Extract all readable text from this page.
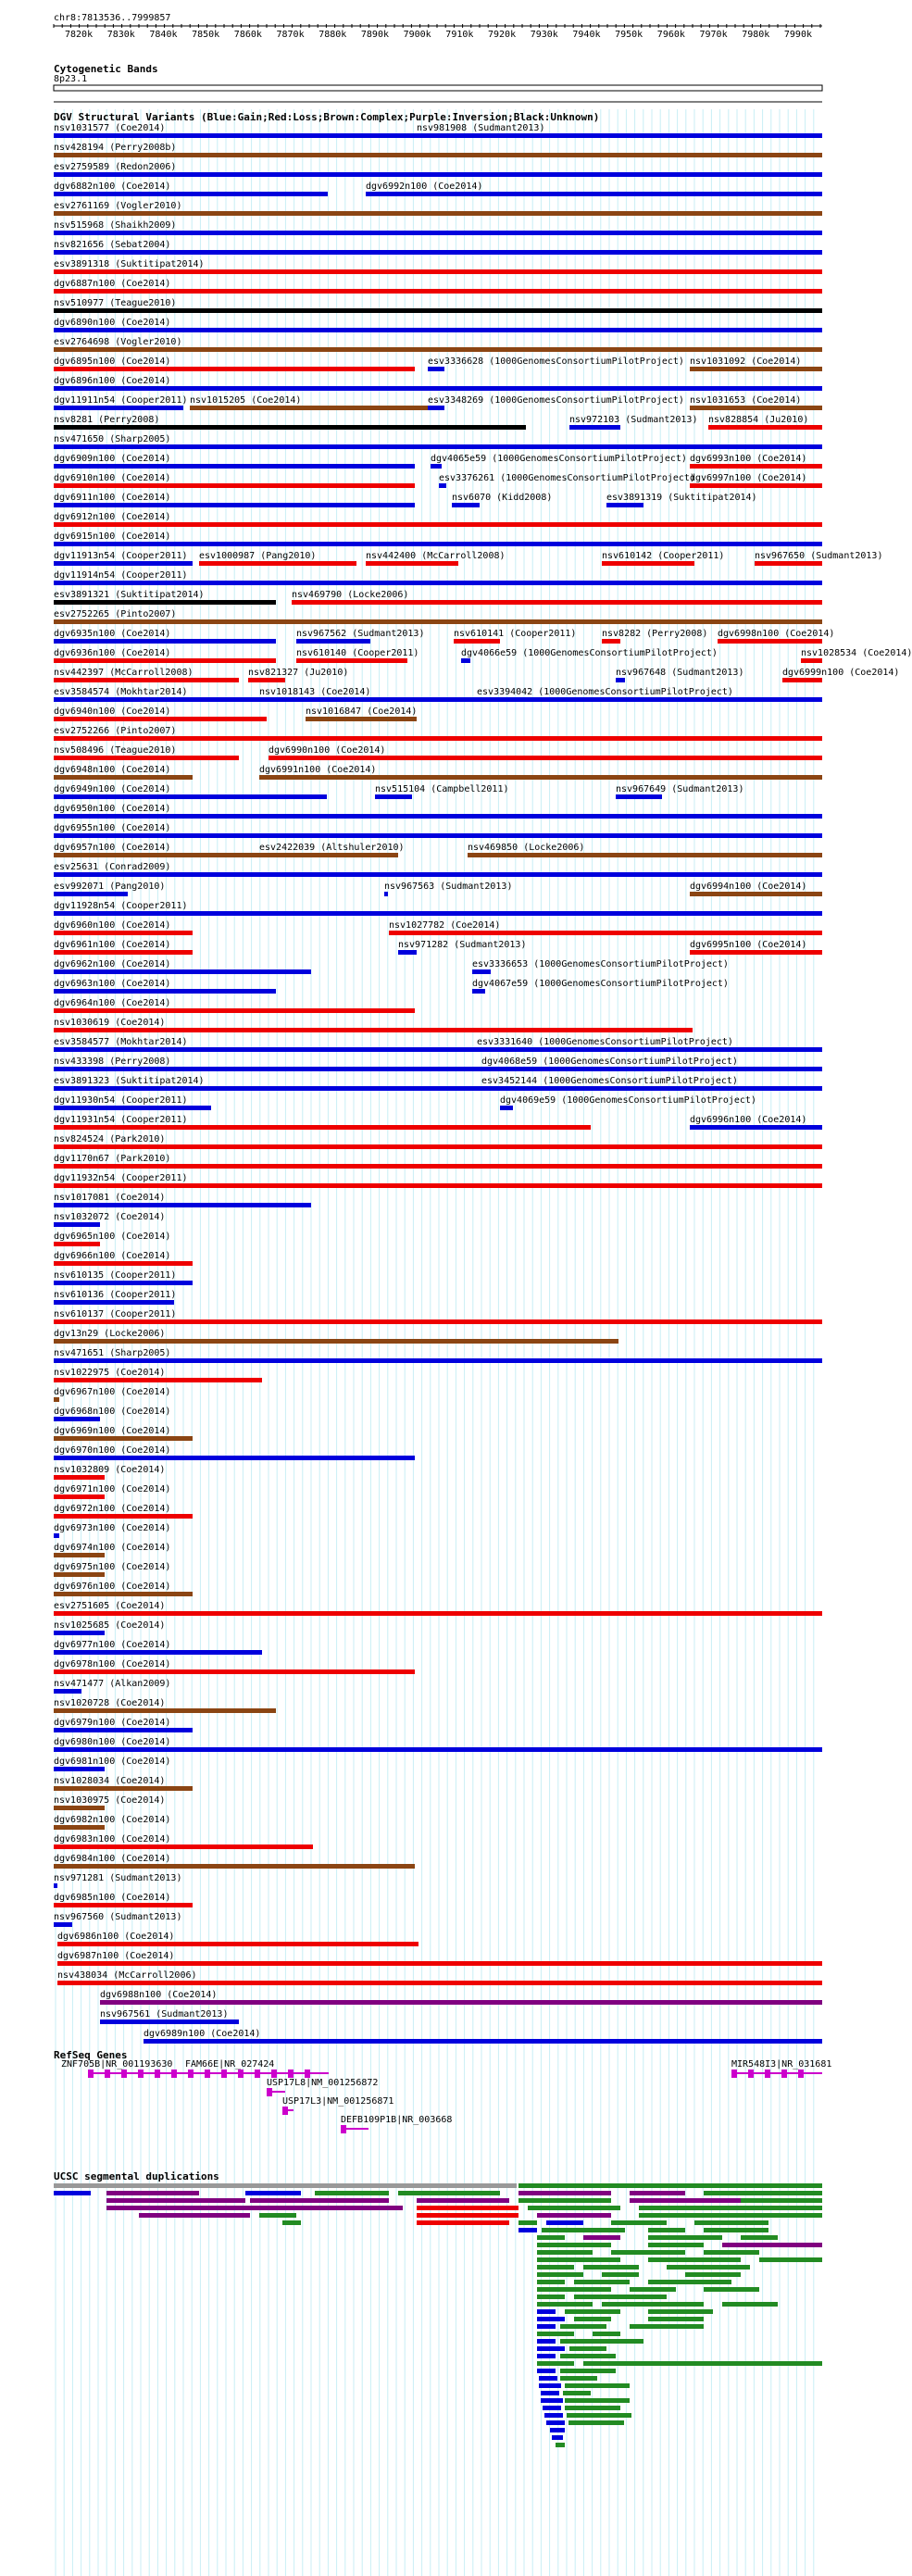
chr8:7813536..7999857
7820k 7830k 7840k 7850k 7860k 7870k 7880k 7890k 7900k 7910k 7920k 7930k 7940k 7950k 7960k 7970k 7980k 7990k
Cytogenetic Bands
8p23.1
DGV Structural Variants (Blue:Gain;Red:Loss;Brown:Complex;Purple:Inversion;Black:Unknown)
nsv1031577 (Coe2014)	nsv981908 (Sudmant2013)
nsv428194 (Perry2008b)
esv2759589 (Redon2006)
dgv6882n100 (Coe2014)	dgv6992n100 (Coe2014)
esv2761169 (Vogler2010)
nsv515968 (Shaikh2009)
nsv821656 (Sebat2004)
esv3891318 (Suktitipat2014)
dgv6887n100 (Coe2014)
nsv510977 (Teague2010)
dgv6890n100 (Coe2014)
esv2764698 (Vogler2010)
dgv6895n100 (Coe2014)	esv3336628 (1000GenomesConsortiumPilotProject) nsv1031092 (Coe2014)
dgv6896n100 (Coe2014)
dgv11911n54 (Cooper2011) nsv1015205 (Coe2014)	esv3348269 (1000GenomesConsortiumPilotProject) nsv1031653 (Coe2014)
nsv8281 (Perry2008)	nsv972103 (Sudmant2013) nsv828854 (Ju2010)
nsv471650 (Sharp2005)
dgv6909n100 (Coe2014)	dgv4065e59 (1000GenomesConsortiumPilotProject) dgv6993n100 (Coe2014)
dgv6910n100 (Coe2014)	esv3376261 (1000GenomesConsortiumPilotProject)
dgv6997n100 (Coe2014)
dgv6911n100 (Coe2014)	nsv6070 (Kidd2008)	esv3891319 (Suktitipat2014)
dgv6912n100 (Coe2014)
dgv6915n100 (Coe2014)
dgv11913n54 (Cooper2011) esv1000987 (Pang2010)	nsv442400 (McCarroll2008)	nsv610142 (Cooper2011)	nsv967650 (Sudmant2013)
dgv11914n54 (Cooper2011)
esv3891321 (Suktitipat2014)	nsv469790 (Locke2006)
esv2752265 (Pinto2007)
dgv6935n100 (Coe2014)	nsv967562 (Sudmant2013)	nsv610141 (Cooper2011)	nsv8282 (Perry2008) dgv6998n100 (Coe2014)
dgv6936n100 (Coe2014)	nsv610140 (Cooper2011)	dgv4066e59 (1000GenomesConsortiumPilotProject)	nsv1028534 (Coe2014)
nsv442397 (McCarroll2008)	nsv821327 (Ju2010)	nsv967648 (Sudmant2013)	dgv6999n100 (Coe2014)
esv3584574 (Mokhtar2014)	nsv1018143 (Coe2014)	esv3394042 (1000GenomesConsortiumPilotProject)
dgv6940n100 (Coe2014)	nsv1016847 (Coe2014)
esv2752266 (Pinto2007)
nsv508496 (Teague2010)	dgv6990n100 (Coe2014)
dgv6948n100 (Coe2014)	dgv6991n100 (Coe2014)
dgv6949n100 (Coe2014)	nsv515104 (Campbell2011)	nsv967649 (Sudmant2013)
dgv6950n100 (Coe2014)
dgv6955n100 (Coe2014)
dgv6957n100 (Coe2014)	esv2422039 (Altshuler2010)	nsv469850 (Locke2006)
esv25631 (Conrad2009)
esv992071 (Pang2010)	nsv967563 (Sudmant2013)	dgv6994n100 (Coe2014)
dgv11928n54 (Cooper2011)
dgv6960n100 (Coe2014)	nsv1027782 (Coe2014)
dgv6961n100 (Coe2014)	nsv971282 (Sudmant2013)	dgv6995n100 (Coe2014)
dgv6962n100 (Coe2014)	esv3336653 (1000GenomesConsortiumPilotProject)
dgv6963n100 (Coe2014)	dgv4067e59 (1000GenomesConsortiumPilotProject)
dgv6964n100 (Coe2014)
nsv1030619 (Coe2014)
esv3584577 (Mokhtar2014)	esv3331640 (1000GenomesConsortiumPilotProject)
nsv433398 (Perry2008)	dgv4068e59 (1000GenomesConsortiumPilotProject)
esv3891323 (Suktitipat2014)	esv3452144 (1000GenomesConsortiumPilotProject)
dgv11930n54 (Cooper2011)	dgv4069e59 (1000GenomesConsortiumPilotProject)
dgv11931n54 (Cooper2011)	dgv6996n100 (Coe2014)
nsv824524 (Park2010)
dgv1170n67 (Park2010)
dgv11932n54 (Cooper2011)
nsv1017081 (Coe2014)
nsv1032072 (Coe2014)
dgv6965n100 (Coe2014)
dgv6966n100 (Coe2014)
nsv610135 (Cooper2011)
nsv610136 (Cooper2011)
nsv610137 (Cooper2011)
dgv13n29 (Locke2006)
nsv471651 (Sharp2005)
nsv1022975 (Coe2014)
dgv6967n100 (Coe2014)
dgv6968n100 (Coe2014)
dgv6969n100 (Coe2014)
dgv6970n100 (Coe2014)
nsv1032809 (Coe2014)
dgv6971n100 (Coe2014)
dgv6972n100 (Coe2014)
dgv6973n100 (Coe2014)
dgv6974n100 (Coe2014)
dgv6975n100 (Coe2014)
dgv6976n100 (Coe2014)
esv2751605 (Coe2014)
nsv1025685 (Coe2014)
dgv6977n100 (Coe2014)
dgv6978n100 (Coe2014)
nsv471477 (Alkan2009)
nsv1020728 (Coe2014)
dgv6979n100 (Coe2014)
dgv6980n100 (Coe2014)
dgv6981n100 (Coe2014)
nsv1028034 (Coe2014)
nsv1030975 (Coe2014)
dgv6982n100 (Coe2014)
dgv6983n100 (Coe2014)
dgv6984n100 (Coe2014)
nsv971281 (Sudmant2013)
dgv6985n100 (Coe2014)
nsv967560 (Sudmant2013)
dgv6986n100 (Coe2014)
dgv6987n100 (Coe2014)
nsv438034 (McCarroll2006)
dgv6988n100 (Coe2014)
nsv967561 (Sudmant2013)
dgv6989n100 (Coe2014)
RefSeq Genes
ZNF705B|NR_001193630 FAM66E|NR_027424
USP17L8|NM_001256872
USP17L3|NM_001256871
DEFB109P1B|NR_003668
MIR548I3|NR_031681
UCSC segmental duplications
